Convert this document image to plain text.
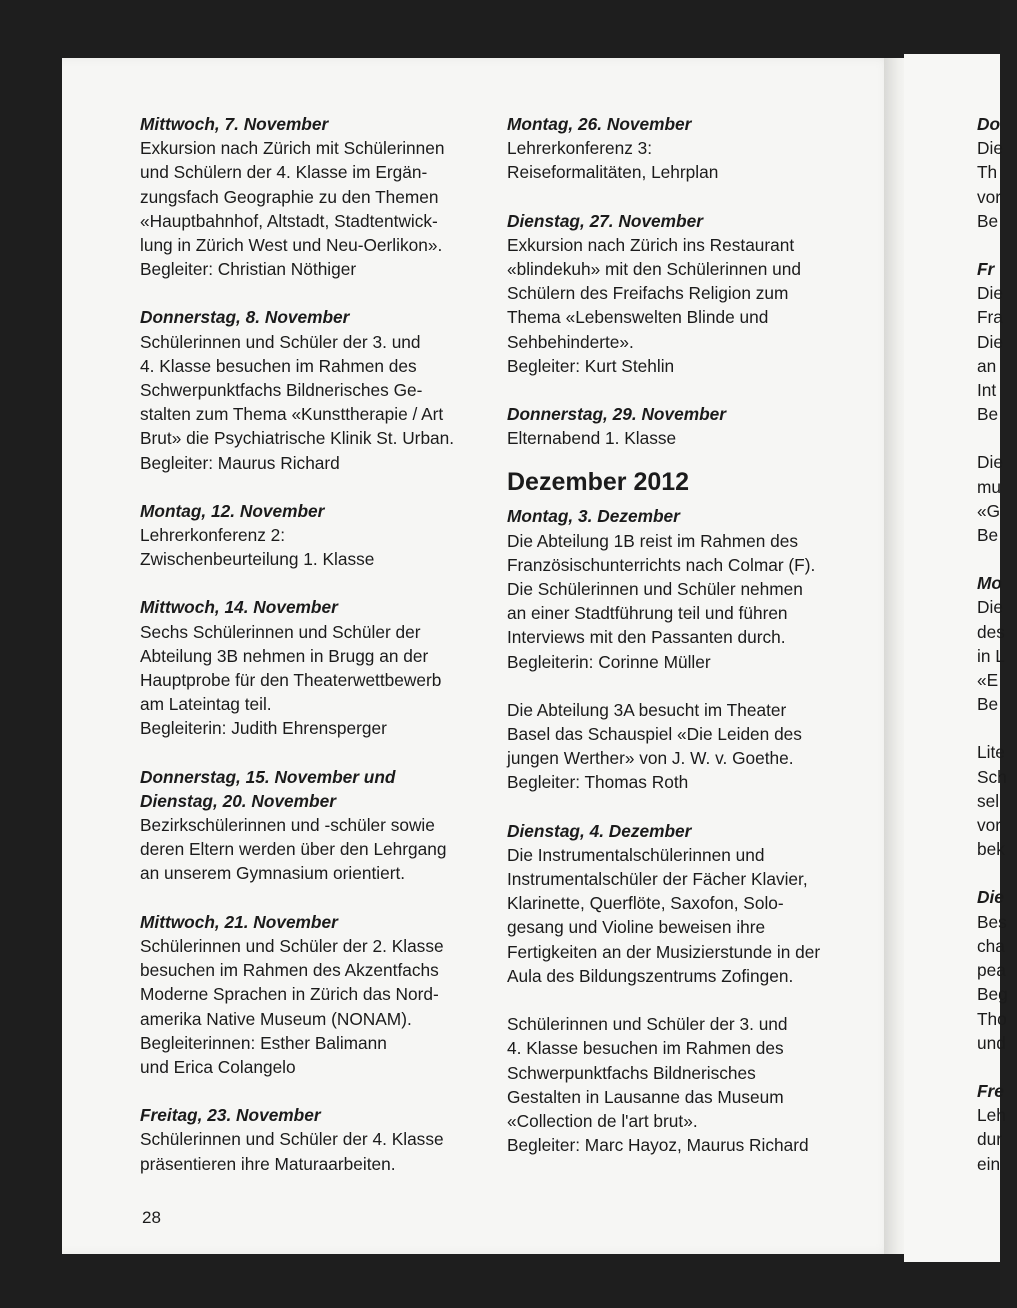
Mittwoch, 7. November
Exkursion nach Zürich mit Schülerinnen
und Schülern der 4. Klasse im Ergän-
zungsfach Geographie zu den Themen
«Hauptbahnhof, Altstadt, Stadtentwick-
lung in Zürich West und Neu-Oerlikon».
Begleiter: Christian Nöthiger
Donnerstag, 8. November
Schülerinnen und Schüler der 3. und
4. Klasse besuchen im Rahmen des
Schwerpunktfachs Bildnerisches Ge-
stalten zum Thema «Kunsttherapie / Art
Brut» die Psychiatrische Klinik St. Urban.
Begleiter: Maurus Richard
Montag, 12. November
Lehrerkonferenz 2:
Zwischenbeurteilung 1. Klasse
Mittwoch, 14. November
Sechs Schülerinnen und Schüler der
Abteilung 3B nehmen in Brugg an der
Hauptprobe für den Theaterwettbewerb
am Lateintag teil.
Begleiterin: Judith Ehrensperger
Donnerstag, 15. November und
Dienstag, 20. November
Bezirkschülerinnen und -schüler sowie
deren Eltern werden über den Lehrgang
an unserem Gymnasium orientiert.
Mittwoch, 21. November
Schülerinnen und Schüler der 2. Klasse
besuchen im Rahmen des Akzentfachs
Moderne Sprachen in Zürich das Nord-
amerika Native Museum (NONAM).
Begleiterinnen: Esther Balimann
und Erica Colangelo
Freitag, 23. November
Schülerinnen und Schüler der 4. Klasse
präsentieren ihre Maturaarbeiten.
Montag, 26. November
Lehrerkonferenz 3:
Reiseformalitäten, Lehrplan
Dienstag, 27. November
Exkursion nach Zürich ins Restaurant
«blindekuh» mit den Schülerinnen und
Schülern des Freifachs Religion zum
Thema «Lebenswelten Blinde und
Sehbehinderte».
Begleiter: Kurt Stehlin
Donnerstag, 29. November
Elternabend 1. Klasse
Dezember 2012
Montag, 3. Dezember
Die Abteilung 1B reist im Rahmen des
Französischunterrichts nach Colmar (F).
Die Schülerinnen und Schüler nehmen
an einer Stadtführung teil und führen
Interviews mit den Passanten durch.
Begleiterin: Corinne Müller
Die Abteilung 3A besucht im Theater
Basel das Schauspiel «Die Leiden des
jungen Werther» von J. W. v. Goethe.
Begleiter: Thomas Roth
Dienstag, 4. Dezember
Die Instrumentalschülerinnen und
Instrumentalschüler der Fächer Klavier,
Klarinette, Querflöte, Saxofon, Solo-
gesang und Violine beweisen ihre
Fertigkeiten an der Musizierstunde in der
Aula des Bildungszentrums Zofingen.
Schülerinnen und Schüler der 3. und
4. Klasse besuchen im Rahmen des
Schwerpunktfachs Bildnerisches
Gestalten in Lausanne das Museum
«Collection de l'art brut».
Begleiter: Marc Hayoz, Maurus Richard
Do
Die
Th
vor
Be
Fr
Die
Fra
Die
an
Int
Be
Die
mu
«G
Be
Mo
Die
des
in L
«E
Be
Lite
Sch
sel
vor
bek
Die
Bes
cha
pea
Beg
Tho
und
Fre
Leh
dur
ein
28
